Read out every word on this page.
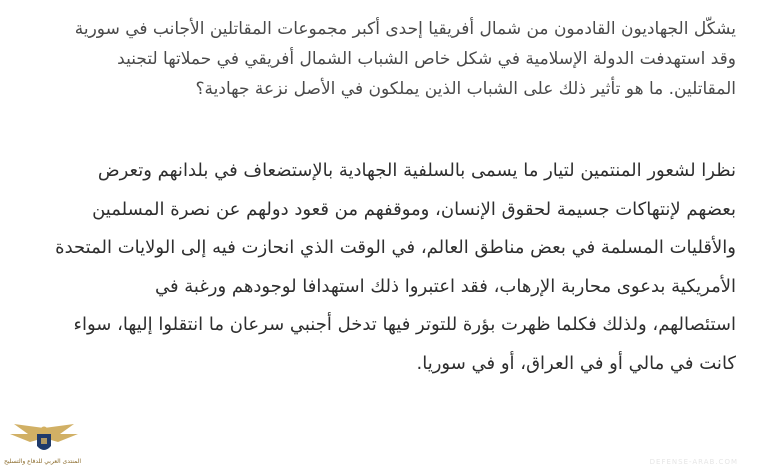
يشكّل الجهاديون القادمون من شمال أفريقيا إحدى أكبر مجموعات المقاتلين الأجانب في سورية
وقد استهدفت الدولة الإسلامية في شكل خاص الشباب الشمال أفريقي في حملاتها لتجنيد
المقاتلين. ما هو تأثير ذلك على الشباب الذين يملكون في الأصل نزعة جهادية؟

نظرا لشعور المنتمين لتيار ما يسمى بالسلفية الجهادية بالإستضعاف في بلدانهم وتعرض
بعضهم لإنتهاكات جسيمة لحقوق الإنسان، وموقفهم من قعود دولهم عن نصرة المسلمين
والأقليات المسلمة في بعض مناطق العالم، في الوقت الذي انحازت فيه إلى الولايات المتحدة
الأمريكية بدعوى محاربة الإرهاب، فقد اعتبروا ذلك استهدافا لوجودهم ورغبة في
استئصالهم، ولذلك فكلما ظهرت بؤرة للتوتر فيها تدخل أجنبي سرعان ما انتقلوا إليها، سواء
كانت في مالي أو في العراق، أو في سوريا.

المنتدى العربي للدفاع والتسليح	DEFENSE-ARAB.COM
